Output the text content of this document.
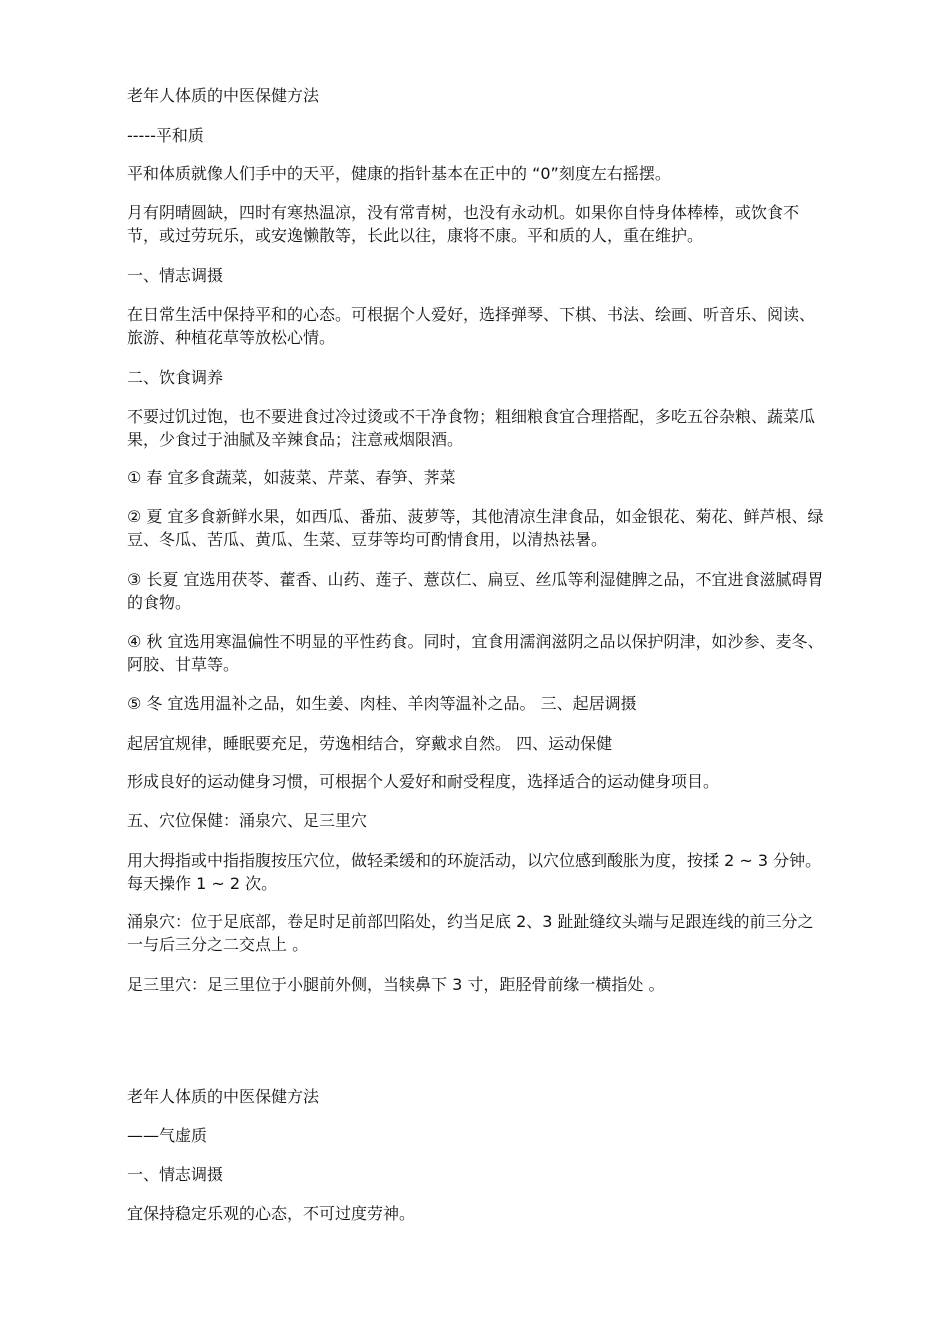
老年人体质的中医保健方法

-----平和质

平和体质就像人们手中的天平，健康的指针基本在正中的 “0”刻度左右摇摆。

月有阴晴圆缺，四时有寒热温凉，没有常青树，也没有永动机。如果你自恃身体棒棒，或饮食不节，或过劳玩乐，或安逸懒散等，长此以往，康将不康。平和质的人，重在维护。

一、情志调摄

在日常生活中保持平和的心态。可根据个人爱好，选择弹琴、下棋、书法、绘画、听音乐、阅读、旅游、种植花草等放松心情。

二、饮食调养

不要过饥过饱，也不要进食过冷过烫或不干净食物；粗细粮食宜合理搭配，多吃五谷杂粮、蔬菜瓜果，少食过于油腻及辛辣食品；注意戒烟限酒。

① 春 宜多食蔬菜，如菠菜、芹菜、春笋、荠菜

② 夏 宜多食新鲜水果，如西瓜、番茄、菠萝等，其他清凉生津食品，如金银花、菊花、鲜芦根、绿豆、冬瓜、苦瓜、黄瓜、生菜、豆芽等均可酌情食用，以清热祛暑。

③ 长夏 宜选用茯苓、藿香、山药、莲子、薏苡仁、扁豆、丝瓜等利湿健脾之品，不宜进食滋腻碍胃的食物。

④ 秋 宜选用寒温偏性不明显的平性药食。同时，宜食用濡润滋阴之品以保护阴津，如沙参、麦冬、阿胶、甘草等。

⑤ 冬 宜选用温补之品，如生姜、肉桂、羊肉等温补之品。 三、起居调摄

起居宜规律，睡眠要充足，劳逸相结合，穿戴求自然。 四、运动保健

形成良好的运动健身习惯，可根据个人爱好和耐受程度，选择适合的运动健身项目。

五、穴位保健：涌泉穴、足三里穴

用大拇指或中指指腹按压穴位，做轻柔缓和的环旋活动，以穴位感到酸胀为度，按揉 2 ~ 3 分钟。每天操作 1 ~ 2 次。

涌泉穴：位于足底部，卷足时足前部凹陷处，约当足底 2、3 趾趾缝纹头端与足跟连线的前三分之一与后三分之二交点上 。

足三里穴：足三里位于小腿前外侧，当犊鼻下 3 寸，距胫骨前缘一横指处 。

老年人体质的中医保健方法

——气虚质

一、情志调摄

宜保持稳定乐观的心态，不可过度劳神。
